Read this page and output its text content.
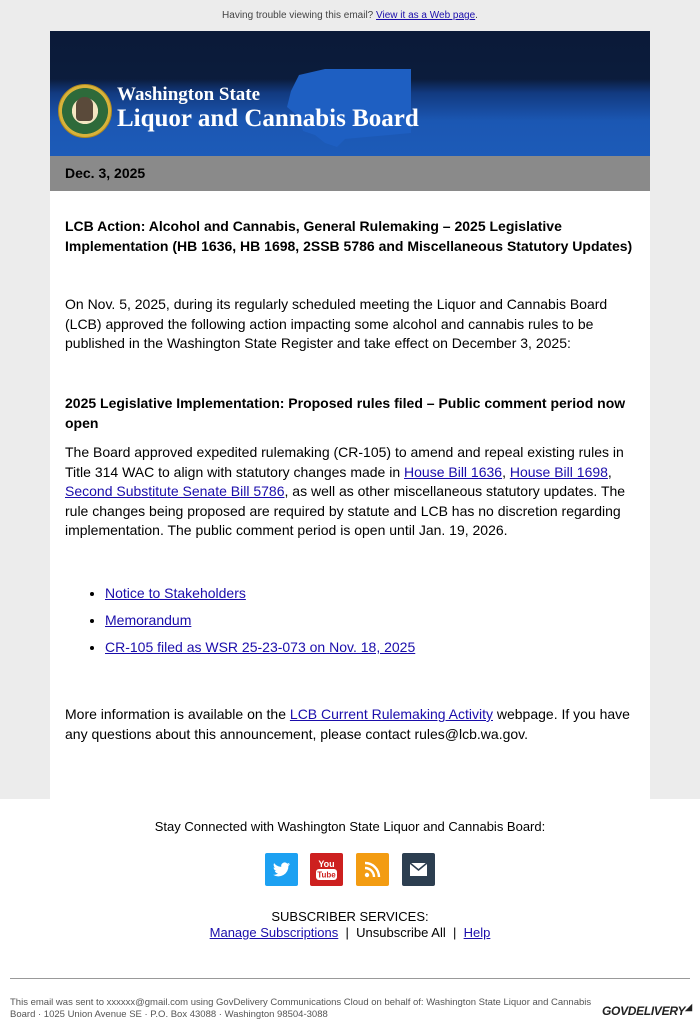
Having trouble viewing this email? View it as a Web page.
Washington State
Liquor and Cannabis Board
Dec. 3, 2025
LCB Action: Alcohol and Cannabis, General Rulemaking – 2025 Legislative Implementation (HB 1636, HB 1698, 2SSB 5786 and Miscellaneous Statutory Updates)

On Nov. 5, 2025, during its regularly scheduled meeting the Liquor and Cannabis Board (LCB) approved the following action impacting some alcohol and cannabis rules to be published in the Washington State Register and take effect on December 3, 2025:

2025 Legislative Implementation: Proposed rules filed – Public comment period now open

The Board approved expedited rulemaking (CR-105) to amend and repeal existing rules in Title 314 WAC to align with statutory changes made in House Bill 1636, House Bill 1698, Second Substitute Senate Bill 5786, as well as other miscellaneous statutory updates. The rule changes being proposed are required by statute and LCB has no discretion regarding implementation. The public comment period is open until Jan. 19, 2026.

• Notice to Stakeholders
• Memorandum
• CR-105 filed as WSR 25-23-073 on Nov. 18, 2025

More information is available on the LCB Current Rulemaking Activity webpage. If you have any questions about this announcement, please contact rules@lcb.wa.gov.

Stay Connected with Washington State Liquor and Cannabis Board:
You
Tube
SUBSCRIBER SERVICES:
Manage Subscriptions | Unsubscribe All | Help
This email was sent to xxxxxx@gmail.com using GovDelivery Communications Cloud on behalf of: Washington State Liquor and Cannabis Board · 1025 Union Avenue SE · P.O. Box 43088 · Washington 98504-3088	GOVDELIVERY◢
